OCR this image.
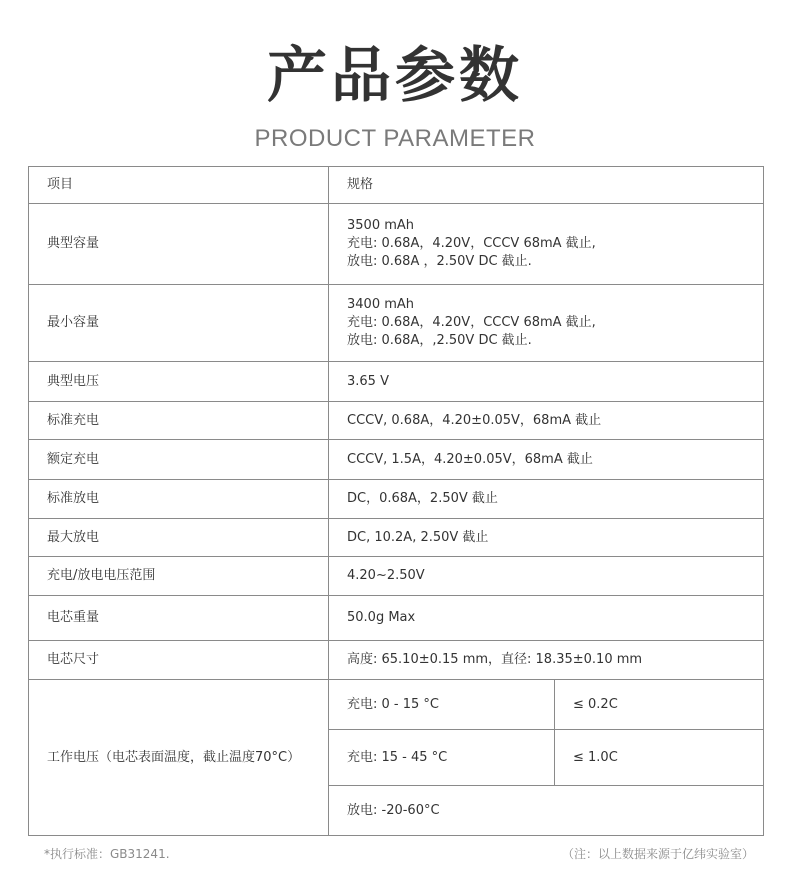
产品参数
PRODUCT PARAMETER
项目	规格	
典型容量	3500 mAh
充电: 0.68A，4.20V，CCCV 68mA 截止,
放电: 0.68A ，2.50V DC 截止.	

最小容量	3400 mAh
充电: 0.68A，4.20V，CCCV 68mA 截止,
放电: 0.68A，,2.50V DC 截止.	

典型电压	3.65 V	
标准充电	CCCV, 0.68A，4.20±0.05V，68mA 截止	
额定充电	CCCV, 1.5A，4.20±0.05V，68mA 截止	
标准放电	DC，0.68A，2.50V 截止	
最大放电	DC, 10.2A, 2.50V 截止	
充电/放电电压范围	4.20~2.50V	
电芯重量	50.0g Max	
电芯尺寸	高度: 65.10±0.15 mm，直径: 18.35±0.10 mm	
工作电压（电芯表面温度，截止温度70°C）	充电: 0 - 15 °C	≤ 0.2C
	充电: 15 - 45 °C	≤ 1.0C
	放电: -20-60°C	
*执行标准：GB31241.	（注：以上数据来源于亿纬实验室）
